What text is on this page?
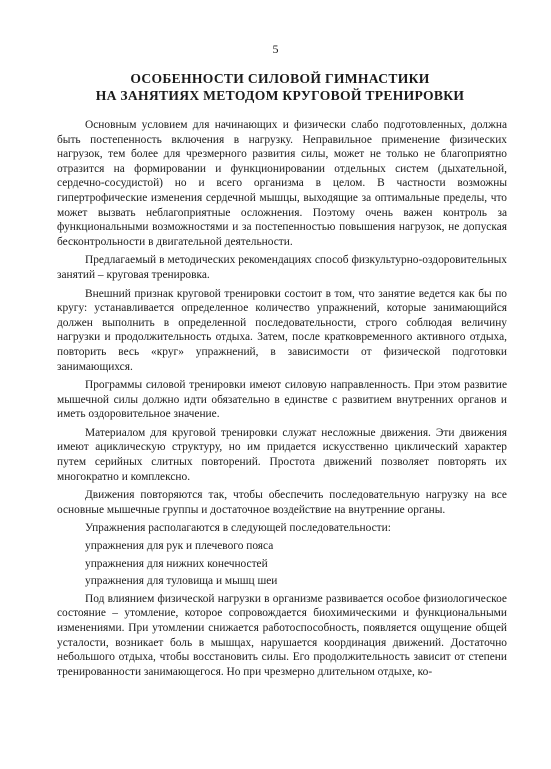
5
ОСОБЕННОСТИ СИЛОВОЙ ГИМНАСТИКИ
НА ЗАНЯТИЯХ МЕТОДОМ КРУГОВОЙ ТРЕНИРОВКИ

Основным условием для начинающих и физически слабо подготовленных, должна быть постепенность включения в нагрузку. Неправильное применение физических нагрузок, тем более для чрезмерного развития силы, может не только не благоприятно отразится на формировании и функционировании отдельных систем (дыхательной, сердечно-сосудистой) но и всего организма в целом. В частности возможны гипертрофические изменения сердечной мышцы, выходящие за оптимальные пределы, что может вызвать неблагоприятные осложнения. Поэтому очень важен контроль за функциональными возможностями и за постепенностью повышения нагрузок, не допуская бесконтрольности в двигательной деятельности.

Предлагаемый в методических рекомендациях способ физкультурно-оздоровительных занятий – круговая тренировка.

Внешний признак круговой тренировки состоит в том, что занятие ведется как бы по кругу: устанавливается определенное количество упражнений, которые занимающийся должен выполнить в определенной последовательности, строго соблюдая величину нагрузки и продолжительность отдыха. Затем, после кратковременного активного отдыха, повторить весь «круг» упражнений, в зависимости от физической подготовки занимающихся.

Программы силовой тренировки имеют силовую направленность. При этом развитие мышечной силы должно идти обязательно в единстве с развитием внутренних органов и иметь оздоровительное значение.

Материалом для круговой тренировки служат несложные движения. Эти движения имеют ациклическую структуру, но им придается искусственно циклический характер путем серийных слитных повторений. Простота движений позволяет повторять их многократно и комплексно.

Движения повторяются так, чтобы обеспечить последовательную нагрузку на все основные мышечные группы и достаточное воздействие на внутренние органы.

Упражнения располагаются в следующей последовательности:

упражнения для рук и плечевого пояса

упражнения для нижних конечностей

упражнения для туловища и мышц шеи

Под влиянием физической нагрузки в организме развивается особое физиологическое состояние – утомление, которое сопровождается биохимическими и функциональными изменениями. При утомлении снижается работоспособность, появляется ощущение общей усталости, возникает боль в мышцах, нарушается координация движений. Достаточно небольшого отдыха, чтобы восстановить силы. Его продолжительность зависит от степени тренированности занимающегося. Но при чрезмерно длительном отдыхе, ко-
